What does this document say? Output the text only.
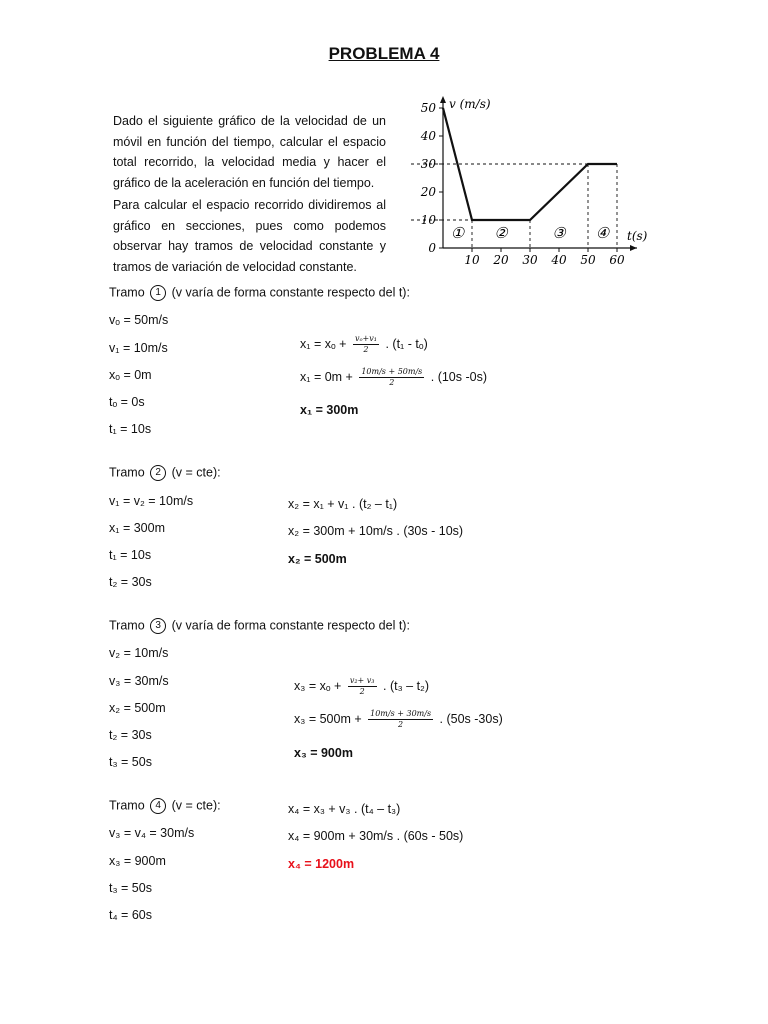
PROBLEMA 4
Dado el siguiente gráfico de la velocidad de un móvil en función del tiempo, calcular el espacio total recorrido, la velocidad media y hacer el gráfico de la aceleración en función del tiempo.
Para calcular el espacio recorrido dividiremos al gráfico en secciones, pues como podemos observar hay tramos de velocidad constante y tramos de variación de velocidad constante.
0
10
20
30
40
50
10 20 30 40 50 60
v (m/s)
t(s)
① ②	③ ④
Tramo 1 (v varía de forma constante respecto del t):
vₒ = 50m/s
v₁ = 10m/s
xₒ = 0m
tₒ = 0s
t₁ = 10s
$x_1 = x_o + \frac{\text{vₒ+v₁}}{2}$ . (t₁ - tₒ)
$x_1 = 0m + \frac{10m/s + 50m/s}{2}$ . (10s -0s)
x₁ = 300m
Tramo 2 (v = cte):
v₁ = v₂ = 10m/s
x₁ = 300m
t₁ = 10s
t₂ = 30s
x₂ = x₁ + v₁ . (t₂ – t₁)
x₂ = 300m + 10m/s . (30s - 10s)
x₂ = 500m
Tramo 3 (v varía de forma constante respecto del t):
v₂ = 10m/s
v₃ = 30m/s
x₂ = 500m
t₂ = 30s
t₃ = 50s
$x_3 = x_o + \frac{\text{v₂+ v₃}}{2}$ . (t₃ – t₂)
$x_3 = 500m + \frac{10m/s + 30m/s}{2}$ . (50s -30s)
x₃ = 900m
Tramo 4 (v = cte):
v₃ = v₄ = 30m/s
x₃ = 900m
t₃ = 50s
t₄ = 60s
x₄ = x₃ + v₃ . (t₄ – t₃)
x₄ = 900m + 30m/s . (60s - 50s)
x₄ = 1200m
